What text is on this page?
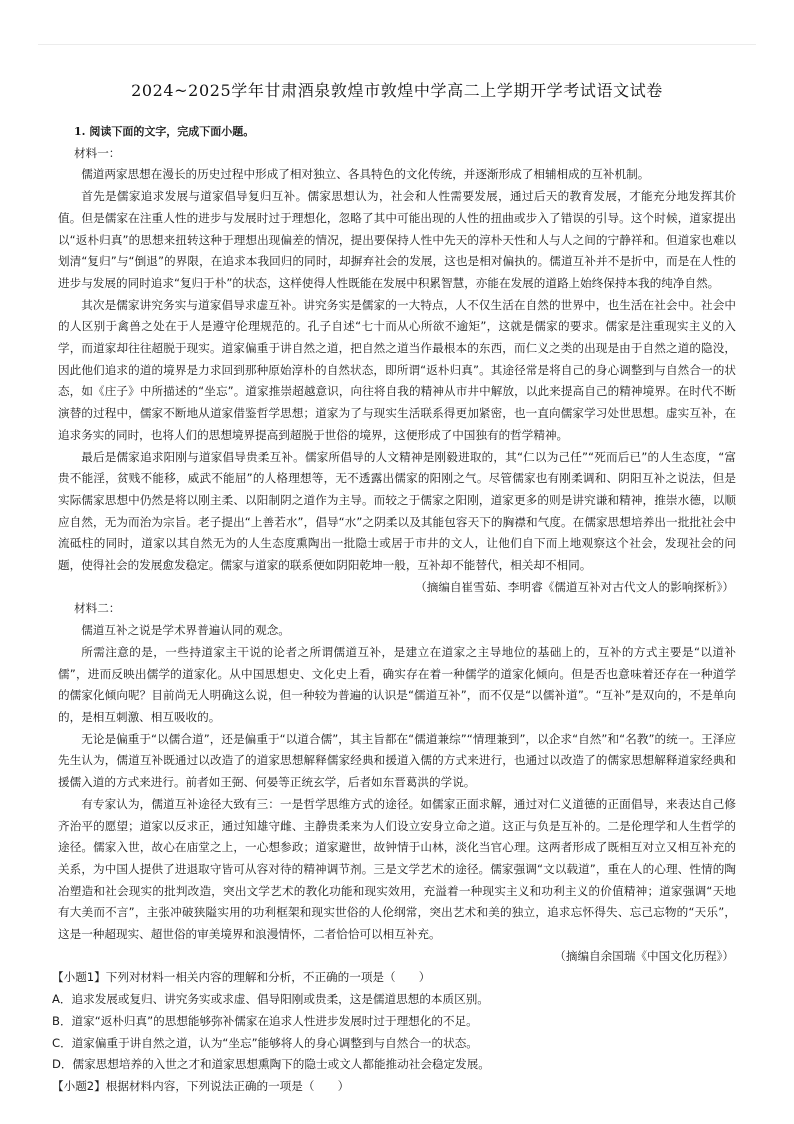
2024~2025学年甘肃酒泉敦煌市敦煌中学高二上学期开学考试语文试卷

1. 阅读下面的文字，完成下面小题。

材料一：

儒道两家思想在漫长的历史过程中形成了相对独立、各具特色的文化传统，并逐渐形成了相辅相成的互补机制。

首先是儒家追求发展与道家倡导复归互补。儒家思想认为，社会和人性需要发展，通过后天的教育发展，才能充分地发挥其价值。但是儒家在注重人性的进步与发展时过于理想化，忽略了其中可能出现的人性的扭曲或步入了错误的引导。这个时候，道家提出以“返朴归真”的思想来扭转这种于理想出现偏差的情况，提出要保持人性中先天的淳朴天性和人与人之间的宁静祥和。但道家也难以划清“复归”与“倒退”的界限，在追求本我回归的同时，却摒弃社会的发展，这也是相对偏执的。儒道互补并不是折中，而是在人性的进步与发展的同时追求“复归于朴”的状态，这样使得人性既能在发展中积累智慧，亦能在发展的道路上始终保持本我的纯净自然。

其次是儒家讲究务实与道家倡导求虚互补。讲究务实是儒家的一大特点，人不仅生活在自然的世界中，也生活在社会中。社会中的人区别于禽兽之处在于人是遵守伦理规范的。孔子自述“七十而从心所欲不逾矩”，这就是儒家的要求。儒家是注重现实主义的入学，而道家却往往超脱于现实。道家偏重于讲自然之道，把自然之道当作最根本的东西，而仁义之类的出现是由于自然之道的隐没，因此他们追求的道的境界是力求回到那种原始淳朴的自然状态，即所谓“返朴归真”。其途径常是将自己的身心调整到与自然合一的状态，如《庄子》中所描述的“坐忘”。道家推崇超越意识，向往将自我的精神从市井中解放，以此来提高自己的精神境界。在时代不断演替的过程中，儒家不断地从道家借鉴哲学思想；道家为了与现实生活联系得更加紧密，也一直向儒家学习处世思想。虚实互补，在追求务实的同时，也将人们的思想境界提高到超脱于世俗的境界，这便形成了中国独有的哲学精神。

最后是儒家追求阳刚与道家倡导贵柔互补。儒家所倡导的人文精神是刚毅进取的，其“仁以为己任”“死而后已”的人生态度，“富贵不能淫，贫贱不能移，威武不能屈”的人格理想等，无不透露出儒家的阳刚之气。尽管儒家也有刚柔调和、阴阳互补之说法，但是实际儒家思想中仍然是将以刚主柔、以阳制阴之道作为主导。而较之于儒家之阳刚，道家更多的则是讲究谦和精神，推崇水德，以顺应自然，无为而治为宗旨。老子提出“上善若水”，倡导“水”之阴柔以及其能包容天下的胸襟和气度。在儒家思想培养出一批批社会中流砥柱的同时，道家以其自然无为的人生态度熏陶出一批隐士或居于市井的文人，让他们自下而上地观察这个社会，发现社会的问题，使得社会的发展愈发稳定。儒家与道家的联系便如阴阳乾坤一般，互补却不能替代，相关却不相同。

（摘编自崔雪茹、李明睿《儒道互补对古代文人的影响探析》）

材料二：

儒道互补之说是学术界普遍认同的观念。

所需注意的是，一些持道家主干说的论者之所谓儒道互补，是建立在道家之主导地位的基础上的，互补的方式主要是“以道补儒”，进而反映出儒学的道家化。从中国思想史、文化史上看，确实存在着一种儒学的道家化倾向。但是否也意味着还存在一种道学的儒家化倾向呢？目前尚无人明确这么说，但一种较为普遍的认识是“儒道互补”，而不仅是“以儒补道”。“互补”是双向的，不是单向的，是相互刺激、相互吸收的。

无论是偏重于“以儒合道”，还是偏重于“以道合儒”，其主旨都在“儒道兼综”“情理兼到”，以企求“自然”和“名教”的统一。王泽应先生认为，儒道互补既通过以改造了的道家思想解释儒家经典和援道入儒的方式来进行，也通过以改造了的儒家思想解释道家经典和援儒入道的方式来进行。前者如王弼、何晏等正统玄学，后者如东晋葛洪的学说。

有专家认为，儒道互补途径大致有三：一是哲学思维方式的途径。如儒家正面求解，通过对仁义道德的正面倡导，来表达自己修齐治平的愿望；道家以反求正，通过知雄守雌、主静贵柔来为人们设立安身立命之道。这正与负是互补的。二是伦理学和人生哲学的途径。儒家入世，故心在庙堂之上，一心想参政；道家避世，故钟情于山林，淡化当官心理。这两者形成了既相互对立又相互补充的关系，为中国人提供了进退取守皆可从容对待的精神调节剂。三是文学艺术的途径。儒家强调“文以载道”，重在人的心理、性情的陶冶塑造和社会现实的批判改造，突出文学艺术的教化功能和现实效用，充溢着一种现实主义和功利主义的价值精神；道家强调“天地有大美而不言”，主张冲破狭隘实用的功利框架和现实世俗的人伦纲常，突出艺术和美的独立，追求忘怀得失、忘己忘物的“天乐”，这是一种超现实、超世俗的审美境界和浪漫情怀，二者恰恰可以相互补充。

（摘编自余国瑞《中国文化历程》）

【小题1】下列对材料一相关内容的理解和分析，不正确的一项是（　　）

A．追求发展或复归、讲究务实或求虚、倡导阳刚或贵柔，这是儒道思想的本质区别。

B．道家“返朴归真”的思想能够弥补儒家在追求人性进步发展时过于理想化的不足。

C．道家偏重于讲自然之道，认为“坐忘”能够将人的身心调整到与自然合一的状态。

D．儒家思想培养的入世之才和道家思想熏陶下的隐士或文人都能推动社会稳定发展。

【小题2】根据材料内容，下列说法正确的一项是（　　）
